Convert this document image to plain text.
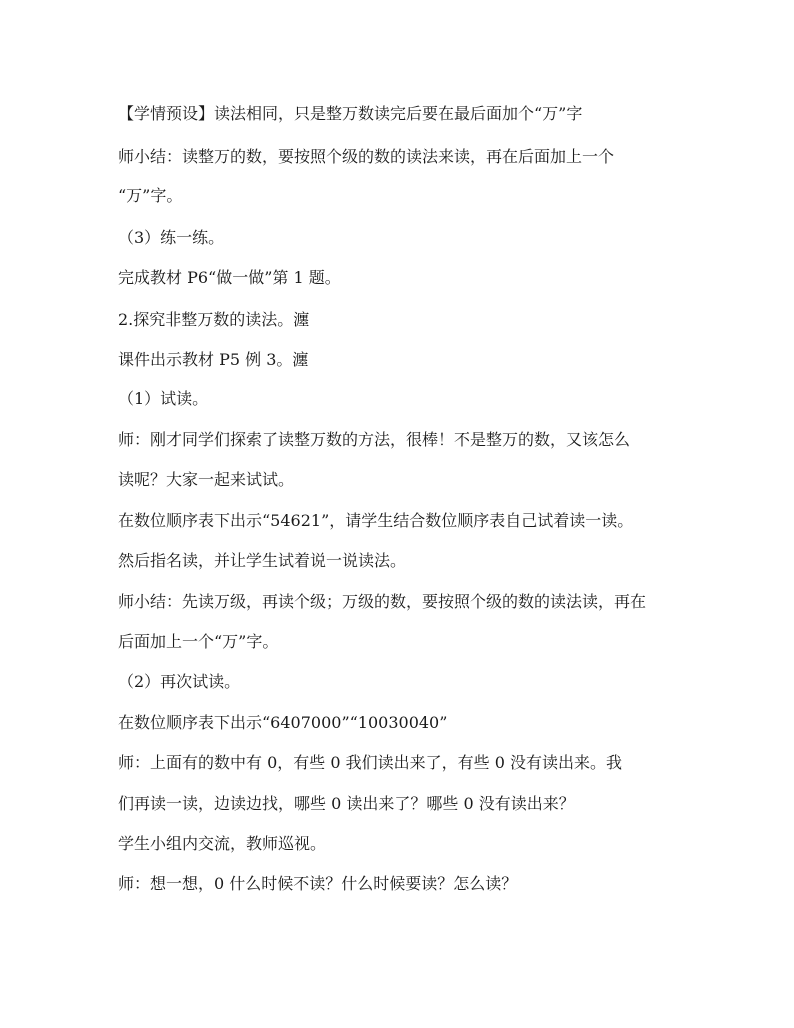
【学情预设】读法相同，只是整万数读完后要在最后面加个“万”字
师小结：读整万的数，要按照个级的数的读法来读，再在后面加上一个
“万”字。
（3）练一练。
完成教材 P6“做一做”第 1 题。
2.探究非整万数的读法。瀍
课件出示教材 P5 例 3。瀍
（1）试读。
师：刚才同学们探索了读整万数的方法，很棒！不是整万的数，又该怎么
读呢？大家一起来试试。
在数位顺序表下出示“54621”，请学生结合数位顺序表自己试着读一读。
然后指名读，并让学生试着说一说读法。
师小结：先读万级，再读个级；万级的数，要按照个级的数的读法读，再在
后面加上一个“万”字。
（2）再次试读。
在数位顺序表下出示“6407000”“10030040”
师：上面有的数中有 0，有些 0 我们读出来了，有些 0 没有读出来。我
们再读一读，边读边找，哪些 0 读出来了？哪些 0 没有读出来？
学生小组内交流，教师巡视。
师：想一想，0 什么时候不读？什么时候要读？怎么读？
